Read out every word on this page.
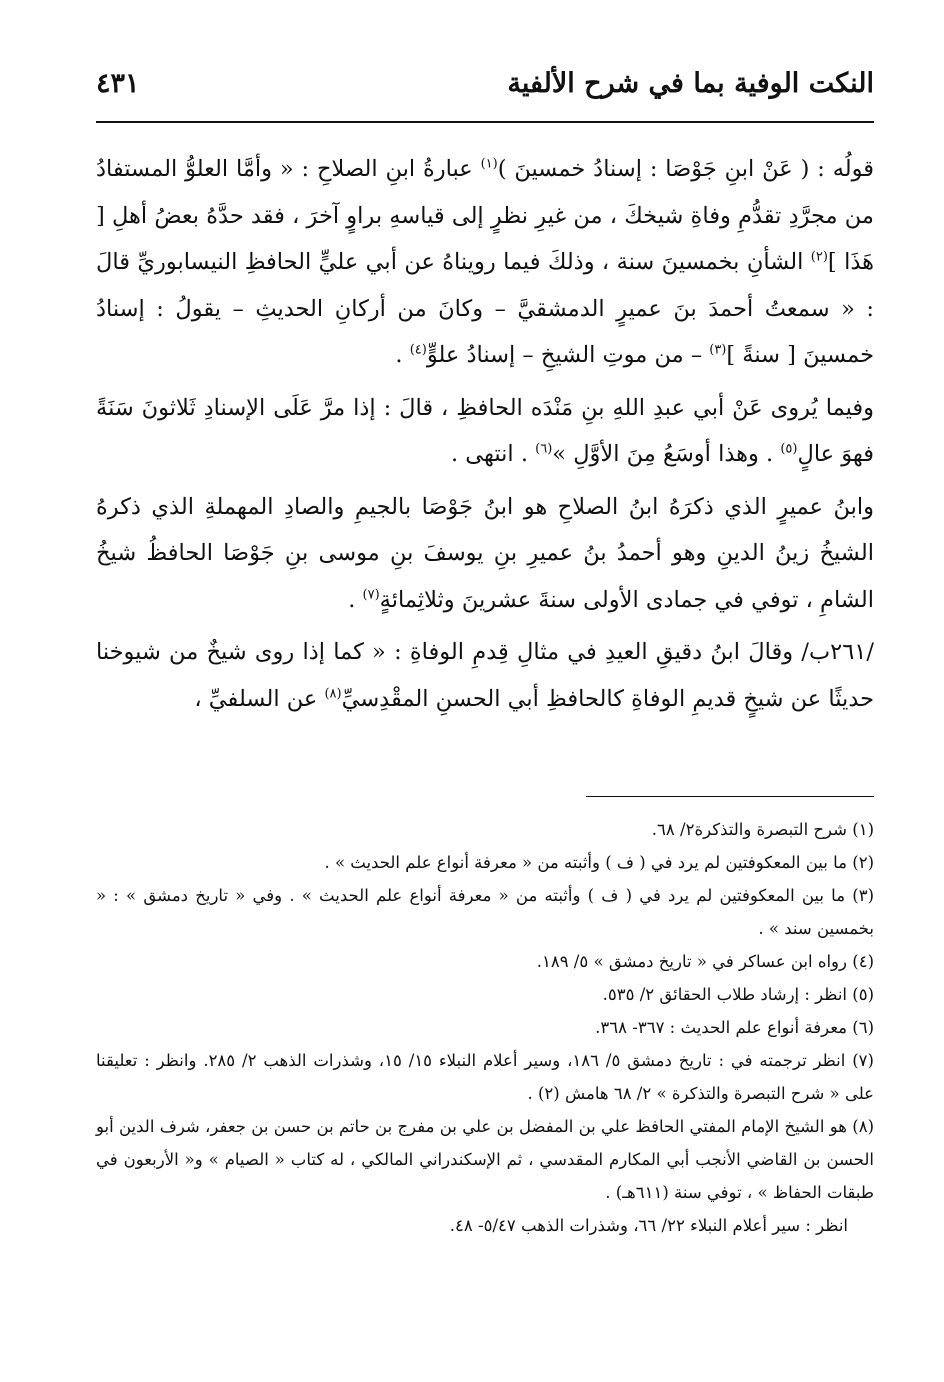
النكت الوفية بما في شرح الألفية
٤٣١

قولُه : ( عَنْ ابنِ جَوْصَا : إسنادُ خمسينَ )$^{(١)}$ عبارةُ ابنِ الصلاحِ : « وأمَّا العلوُّ المستفادُ من مجرَّدِ تقدُّمِ وفاةِ شيخكَ ، من غيرِ نظرٍ إلى قياسهِ براوٍ آخرَ ، فقد حدَّهُ بعضُ أهلِ [ هَذَا ]$^{(٢)}$ الشأنِ بخمسينَ سنة ، وذلكَ فيما رويناهُ عن أبي عليٍّ الحافظِ النيسابوريِّ قالَ : « سمعتُ أحمدَ بنَ عميرٍ الدمشقيَّ – وكانَ من أركانِ الحديثِ – يقولُ : إسنادُ خمسينَ [ سنةً ]$^{(٣)}$ – من موتِ الشيخِ – إسنادُ علوٍّ$^{(٤)}$ .

وفيما يُروى عَنْ أبي عبدِ اللهِ بنِ مَنْدَه الحافظِ ، قالَ : إذا مرَّ عَلَى الإسنادِ ثَلاثونَ سَنَةً فهوَ عالٍ$^{(٥)}$ . وهذا أوسَعُ مِنَ الأوَّلِ »$^{(٦)}$ . انتهى .

وابنُ عميرٍ الذي ذكرَهُ ابنُ الصلاحِ هو ابنُ جَوْصَا بالجيمِ والصادِ المهملةِ الذي ذكرهُ الشيخُ زينُ الدينِ وهو أحمدُ بنُ عميرِ بنِ يوسفَ بنِ موسى بنِ جَوْصَا الحافظُ شيخُ الشامِ ، توفي في جمادى الأولى سنةَ عشرينَ وثلاثِمائةٍ$^{(٧)}$ .

/٢٦١ب/ وقالَ ابنُ دقيقِ العيدِ في مثالِ قِدمِ الوفاةِ : « كما إذا روى شيخٌ من شيوخنا حديثًا عن شيخٍ قديمِ الوفاةِ كالحافظِ أبي الحسنِ المقْدِسيِّ$^{(٨)}$ عن السلفيِّ ،

(١) شرح التبصرة والتذكرة٢/ ٦٨.

(٢) ما بين المعكوفتين لم يرد في ( ف ) وأثبته من « معرفة أنواع علم الحديث » .

(٣) ما بين المعكوفتين لم يرد في ( ف ) وأثبته من « معرفة أنواع علم الحديث » . وفي « تاريخ دمشق » : « بخمسين سند » .

(٤) رواه ابن عساكر في « تاريخ دمشق » ٥/ ١٨٩.

(٥) انظر : إرشاد طلاب الحقائق ٢/ ٥٣٥.

(٦) معرفة أنواع علم الحديث : ٣٦٧- ٣٦٨.

(٧) انظر ترجمته في : تاريخ دمشق ٥/ ١٨٦، وسير أعلام النبلاء ١٥/ ١٥، وشذرات الذهب ٢/ ٢٨٥. وانظر : تعليقنا على « شرح التبصرة والتذكرة » ٢/ ٦٨ هامش (٢) .

(٨) هو الشيخ الإمام المفتي الحافظ علي بن المفضل بن علي بن مفرج بن حاتم بن حسن بن جعفر، شرف الدين أبو الحسن بن القاضي الأنجب أبي المكارم المقدسي ، ثم الإسكندراني المالكي ، له كتاب « الصيام » و« الأربعون في طبقات الحفاظ » ، توفي سنة (٦١١هـ) .

انظر : سير أعلام النبلاء ٢٢/ ٦٦، وشذرات الذهب ٥/٤٧- ٤٨.
